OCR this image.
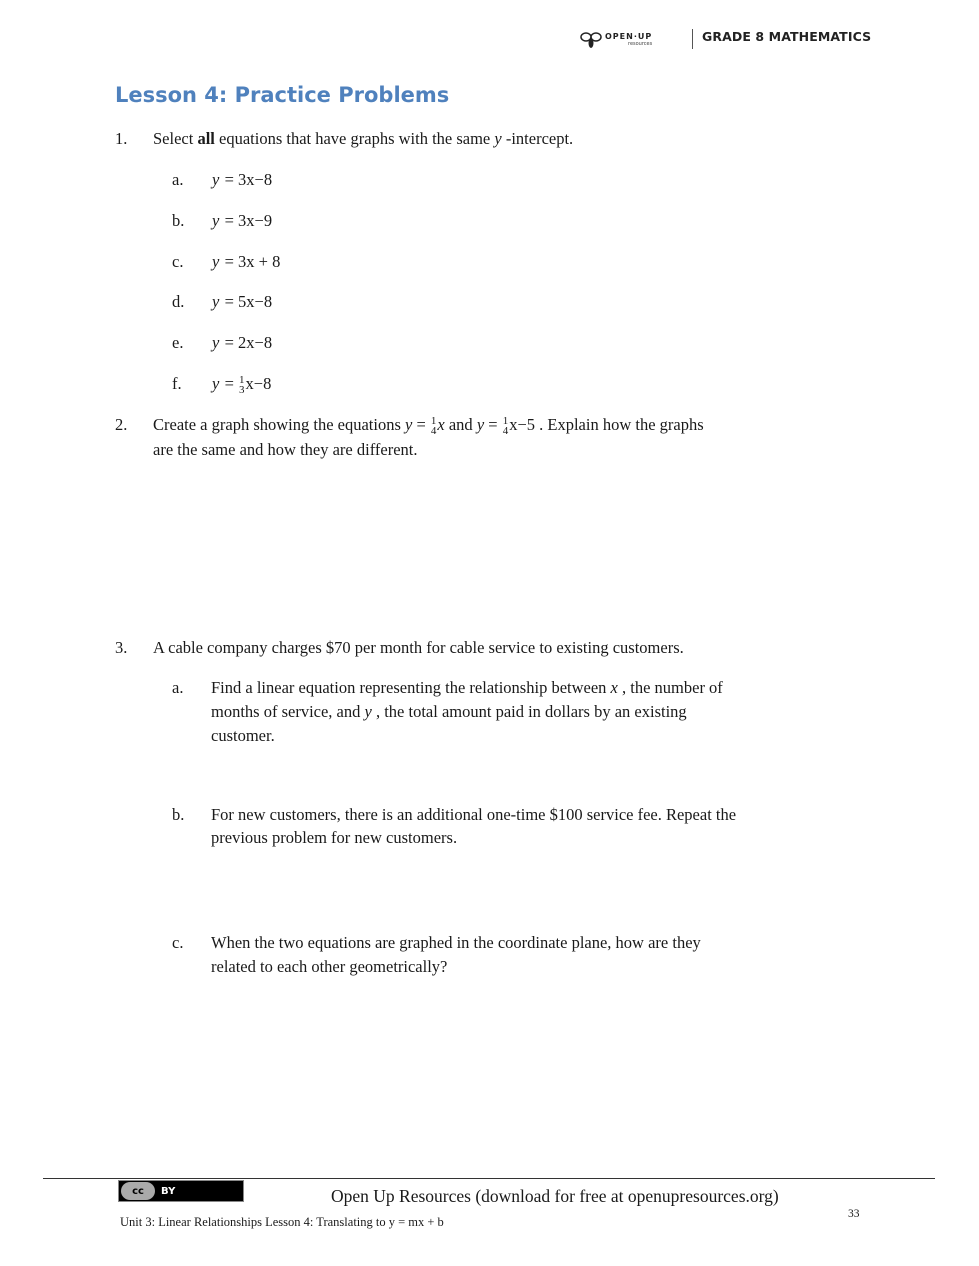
OPEN·UP
resources	GRADE 8 MATHEMATICS
Lesson 4: Practice Problems
1. Select all equations that have graphs with the same y -intercept.
a. y = 3x−8
b. y = 3x−9
c. y = 3x + 8
d. y = 5x−8
e. y = 2x−8
f. y = 1
3 x−8
2. Create a graph showing the equations y = 1
4 x and y = 1
4 x−5 . Explain how the graphs
are the same and how they are different.
3. A cable company charges $70 per month for cable service to existing customers.
a. Find a linear equation representing the relationship between x , the number of
months of service, and y , the total amount paid in dollars by an existing
customer.
b. For new customers, there is an additional one-time $100 service fee. Repeat the
previous problem for new customers.
c. When the two equations are graphed in the coordinate plane, how are they
related to each other geometrically?
cc BY	Open Up Resources (download for free at openupresources.org)
33
Unit 3: Linear Relationships Lesson 4: Translating to y = mx + b
